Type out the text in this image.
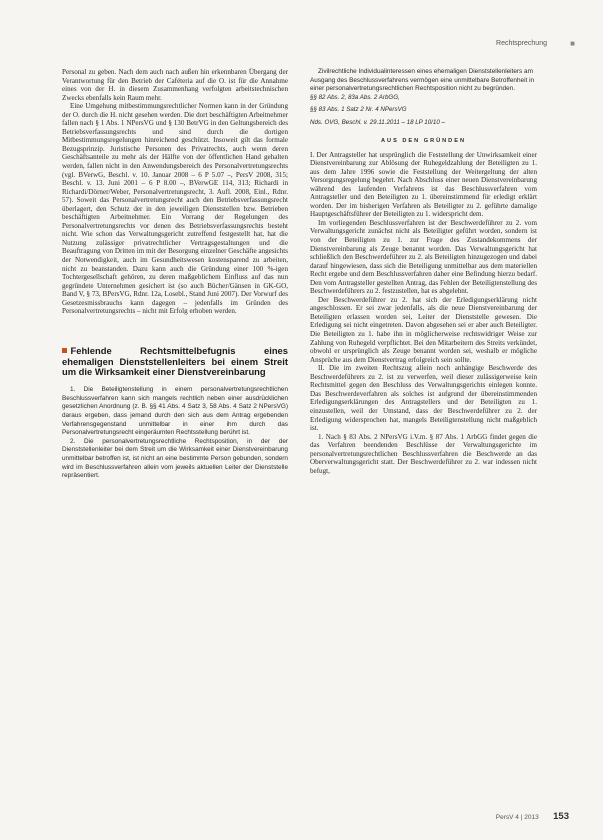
Rechtsprechung	■

Personal zu geben. Nach dem auch nach außen hin erkennbaren Übergang der Verantwortung für den Betrieb der Caféteria auf die O. ist für die Annahme eines von der H. in diesem Zusammenhang verfolgten arbeitstechnischen Zwecks ebenfalls kein Raum mehr.

Eine Umgehung mitbestimmungsrechtlicher Normen kann in der Gründung der O. durch die H. nicht gesehen werden. Die dort beschäftigten Arbeitnehmer fallen nach § 1 Abs. 1 NPersVG und § 130 BetrVG in den Geltungsbereich des Betriebsverfassungsrechts und sind durch die dortigen Mitbestimmungsregelungen hinreichend geschützt. Insoweit gilt das formale Bezugsprinzip. Juristische Personen des Privatrechts, auch wenn deren Geschäftsanteile zu mehr als der Hälfte von der öffentlichen Hand gehalten werden, fallen nicht in den Anwendungsbereich des Personalvertretungsrechts (vgl. BVerwG, Beschl. v. 10. Januar 2008 – 6 P 5.07 –, PersV 2008, 315; Beschl. v. 13. Juni 2001 – 6 P 8.00 –, BVerwGE 114, 313; Richardi in Richardi/Dörner/Weber, Personalvertretungsrecht, 3. Aufl. 2008, Einl., Rdnr. 57). Soweit das Personalvertretungsrecht auch den Betriebsverfassungsrecht überlagert, den Schutz der in den jeweiligen Dienststellen bzw. Betrieben beschäftigten Arbeitnehmer. Ein Vorrang der Regelungen des Personalvertretungsrechts vor denen des Betriebsverfassungsrechts besteht nicht. Wie schon das Verwaltungsgericht zutreffend festgestellt hat, hat die Nutzung zulässiger privatrechtlicher Vertragsgestaltungen und die Beauftragung von Dritten im mit der Besorgung einzelner Geschäfte angesichts der Notwendigkeit, auch im Gesundheitswesen kostensparend zu arbeiten, nicht zu beanstanden. Dazu kann auch die Gründung einer 100 %-igen Tochtergesellschaft gehören, zu deren maßgeblichem Einfluss auf das nun gegründete Unternehmen gesichert ist (so auch Bücher/Gänsen in GK-GO, Band V, § 73, BPersVG, Rdnr. 12a, Losebl., Stand Juni 2007). Der Vorwurf des Gesetzesmissbrauchs kann dagegen – jedenfalls im Gründen des Personalvertretungsrechts – nicht mit Erfolg erhoben werden.

Fehlende Rechtsmittelbefugnis eines ehemaligen Dienststellenleiters bei einem Streit um die Wirksamkeit einer Dienstvereinbarung

1. Die Beteiligtenstellung in einem personalvertretungsrechtlichen Beschlussverfahren kann sich mangels rechtlich neben einer ausdrücklichen gesetzlichen Anordnung (z. B. §§ 41 Abs. 4 Satz 3, 58 Abs. 4 Satz 2 NPersVG) daraus ergeben, dass jemand durch den sich aus dem Antrag ergebenden Verfahrensgegenstand unmittelbar in einer ihm durch das Personalvertretungsrecht eingeräumten Rechtsstellung berührt ist.

2. Die personalvertretungsrechtliche Rechtsposition, in der der Dienststellenleiter bei dem Streit um die Wirksamkeit einer Dienstvereinbarung unmittelbar betroffen ist, ist nicht an eine bestimmte Person gebunden, sondern wird im Beschlussverfahren allein vom jeweils aktuellen Leiter der Dienststelle repräsentiert.

Zivilrechtliche Individualinteressen eines ehemaligen Dienststellenleiters am Ausgang des Beschlussverfahrens vermögen eine unmittelbare Betroffenheit in einer personalvertretungsrechtlichen Rechtsposition nicht zu begründen.

§§ 82 Abs. 2, 83a Abs. 2 ArbGG,
§§ 83 Abs. 1 Satz 2 Nr. 4 NPersVG
Nds. OVG, Beschl. v. 29.11.2011 – 18 LP 10/10 –
AUS DEN GRÜNDEN

I. Der Antragsteller hat ursprünglich die Feststellung der Unwirksamkeit einer Dienstvereinbarung zur Ablösung der Ruhegeldzahlung der Beteiligten zu 1. aus dem Jahre 1996 sowie die Feststellung der Weitergeltung der alten Versorgungsregelung begehrt. Nach Abschluss einer neuen Dienstvereinbarung während des laufenden Verfahrens ist das Beschlussverfahren vom Antragsteller und den Beteiligten zu 1. übereinstimmend für erledigt erklärt worden. Der im bisherigen Verfahren als Beteiligter zu 2. geführte damalige Hauptgeschäftsführer der Beteiligten zu 1. widerspricht dem.

Im vorliegenden Beschlussverfahren ist der Beschwerdeführer zu 2. vom Verwaltungsgericht zunächst nicht als Beteiligter geführt worden, sondern ist von der Beteiligten zu 1. zur Frage des Zustandekommens der Dienstvereinbarung als Zeuge benannt worden. Das Verwaltungsgericht hat schließlich den Beschwerdeführer zu 2. als Beteiligten hinzugezogen und dabei darauf hingewiesen, dass sich die Beteiligung unmittelbar aus dem materiellen Recht ergebe und dem Beschlussverfahren daher eine Befindung hierzu bedarf. Den vom Antragsteller gestellten Antrag, das Fehlen der Beteiligtenstellung des Beschwerdeführers zu 2. festzustellen, hat es abgelehnt.

Der Beschwerdeführer zu 2. hat sich der Erledigungserklärung nicht angeschlossen. Er sei zwar jedenfalls, als die neue Dienstvereinbarung der Beteiligten erlassen worden sei, Leiter der Dienststelle gewesen. Die Erledigung sei nicht eingetreten. Davon abgesehen sei er aber auch Beteiligter. Die Beteiligten zu 1. habe ihn in möglicherweise rechtswidriger Weise zur Zahlung von Ruhegeld verpflichtet. Bei den Mitarbeitern des Streits verkündet, obwohl er ursprünglich als Zeuge benannt worden sei, weshalb er mögliche Ansprüche aus dem Dienstvertrag erfolgreich sein sollte.

II. Die im zweiten Rechtszug allein noch anhängige Beschwerde des Beschwerdeführers zu 2. ist zu verwerfen, weil dieser zulässigerweise kein Rechtsmittel gegen den Beschluss des Verwaltungsgerichts einlegen konnte. Das Beschwerdeverfahren als solches ist aufgrund der übereinstimmenden Erledigungserklärungen des Antragstellers und der Beteiligten zu 1. einzustellen, weil der Umstand, dass der Beschwerdeführer zu 2. der Erledigung widersprochen hat, mangels Beteiligtenstellung nicht maßgeblich ist.

1. Nach § 83 Abs. 2 NPersVG i.V.m. § 87 Abs. 1 ArbGG findet gegen die das Verfahren beendenden Beschlüsse der Verwaltungsgerichte im personalvertretungsrechtlichen Beschlussverfahren die Beschwerde an das Oberverwaltungsgericht statt. Der Beschwerdeführer zu 2. war indessen nicht befugt,

PersV 4 | 2013 153
